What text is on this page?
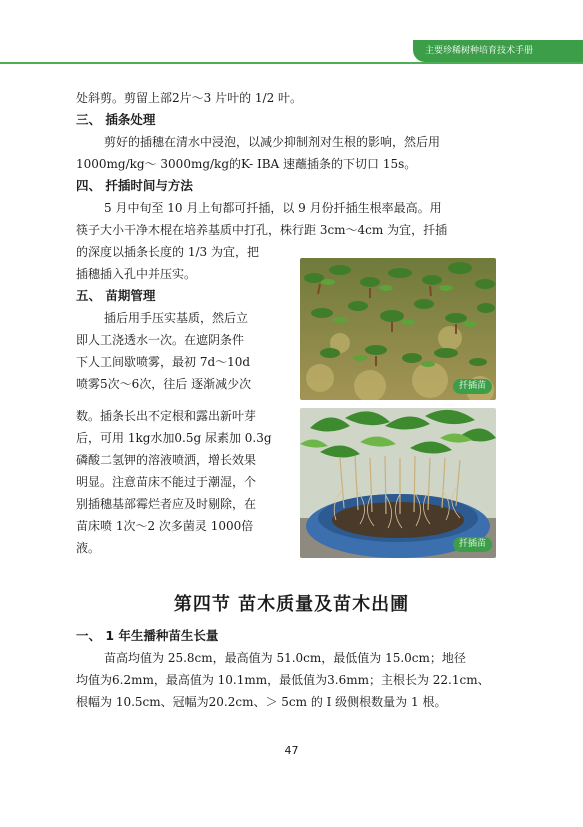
主要珍稀树种培育技术手册
处斜剪。剪留上部2片～3 片叶的 1/2 叶。
三、 插条处理
剪好的插穗在清水中浸泡，以减少抑制剂对生根的影响，然后用
1000mg/kg～ 3000mg/kg的K- IBA 速蘸插条的下切口 15s。
四、 扦插时间与方法
5 月中旬至 10 月上旬都可扦插，以 9 月份扦插生根率最高。用
筷子大小干净木棍在培养基质中打孔，株行距 3cm～4cm 为宜，扦插
的深度以插条长度的 1/3 为宜，把
插穗插入孔中并压实。
五、 苗期管理
插后用手压实基质，然后立
即人工浇透水一次。在遮阴条件
下人工间歇喷雾，最初 7d～10d
喷雾5次～6次，往后 逐渐减少次
数。插条长出不定根和露出新叶芽
后，可用 1kg水加0.5g 尿素加 0.3g
磷酸二氢钾的溶液喷洒，增长效果
明显。注意苗床不能过于潮湿，个
别插穗基部霉烂者应及时剔除，在
苗床喷 1次～2 次多菌灵 1000倍
液。
扦插苗
扦插苗
第四节 苗木质量及苗木出圃
一、 1 年生播种苗生长量
苗高均值为 25.8cm，最高值为 51.0cm，最低值为 15.0cm；地径
均值为6.2mm，最高值为 10.1mm，最低值为3.6mm；主根长为 22.1cm、
根幅为 10.5cm、冠幅为20.2cm、＞ 5cm 的 I 级侧根数量为 1 根。
47
